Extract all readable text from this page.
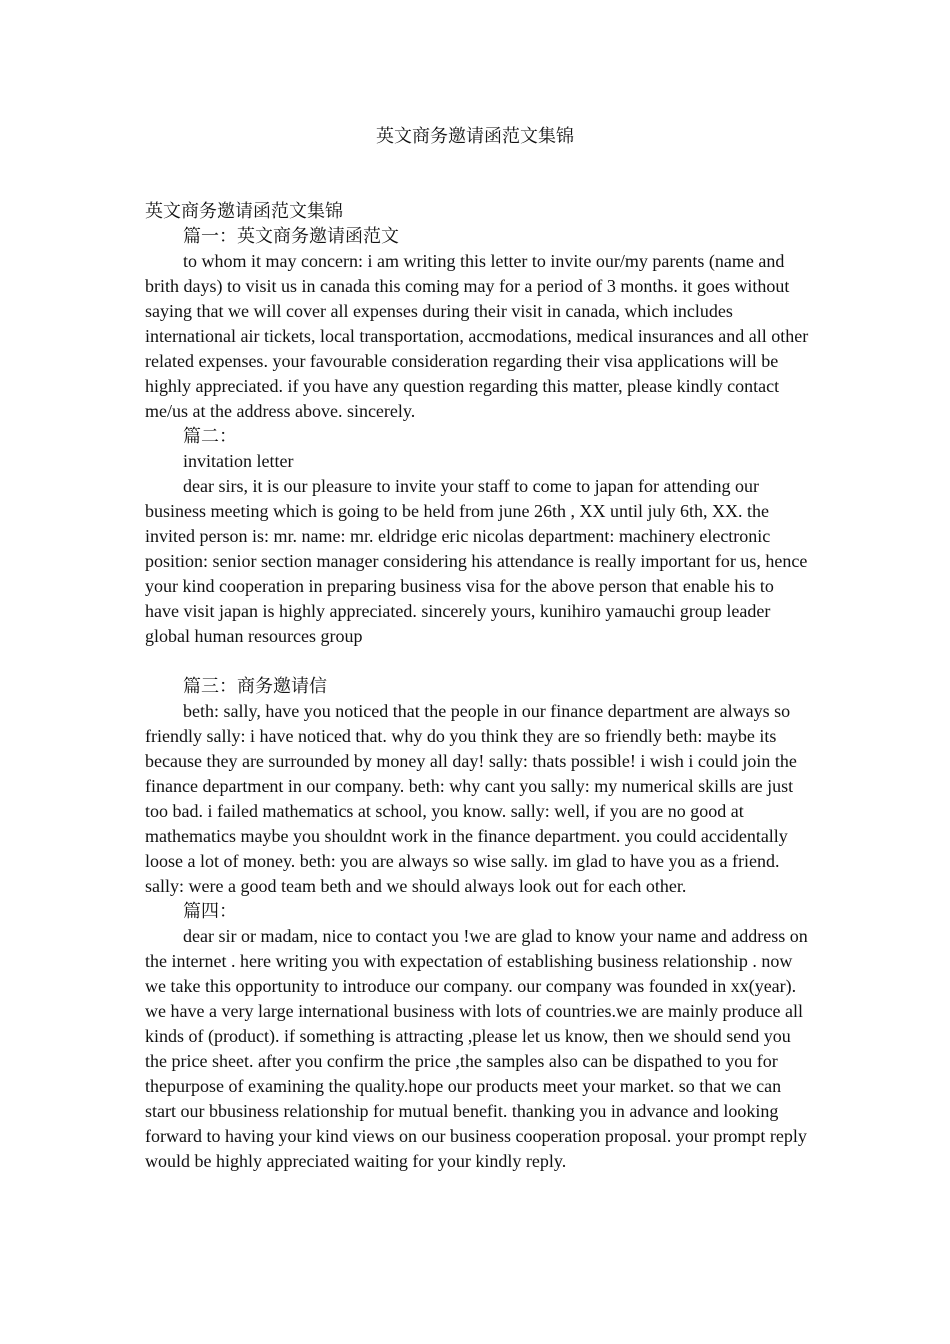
英文商务邀请函范文集锦

英文商务邀请函范文集锦

篇一：英文商务邀请函范文

to whom it may concern: i am writing this letter to invite our/my parents (name and brith days) to visit us in canada this coming may for a period of 3 months. it goes without saying that we will cover all expenses during their visit in canada, which includes international air tickets, local transportation, accmodations, medical insurances and all other related expenses. your favourable consideration regarding their visa applications will be highly appreciated. if you have any question regarding this matter, please kindly contact me/us at the address above. sincerely.

篇二：

invitation letter

dear sirs, it is our pleasure to invite your staff to come to japan for attending our business meeting which is going to be held from june 26th , XX until july 6th, XX. the invited person is: mr. name: mr. eldridge eric nicolas department: machinery electronic position: senior section manager considering his attendance is really important for us, hence your kind cooperation in preparing business visa for the above person that enable his to have visit japan is highly appreciated. sincerely yours, kunihiro yamauchi group leader global human resources group

篇三：商务邀请信

beth: sally, have you noticed that the people in our finance department are always so friendly sally: i have noticed that. why do you think they are so friendly beth: maybe its because they are surrounded by money all day! sally: thats possible! i wish i could join the finance department in our company. beth: why cant you sally: my numerical skills are just too bad. i failed mathematics at school, you know. sally: well, if you are no good at mathematics maybe you shouldnt work in the finance department. you could accidentally loose a lot of money. beth: you are always so wise sally. im glad to have you as a friend. sally: were a good team beth and we should always look out for each other.

篇四：

dear sir or madam, nice to contact you !we are glad to know your name and address on the internet . here writing you with expectation of establishing business relationship . now we take this opportunity to introduce our company. our company was founded in xx(year). we have a very large international business with lots of countries.we are mainly produce all kinds of (product). if something is attracting ,please let us know, then we should send you the price sheet. after you confirm the price ,the samples also can be dispathed to you for thepurpose of examining the quality.hope our products meet your market. so that we can start our bbusiness relationship for mutual benefit. thanking you in advance and looking forward to having your kind views on our business cooperation proposal. your prompt reply would be highly appreciated waiting for your kindly reply.
